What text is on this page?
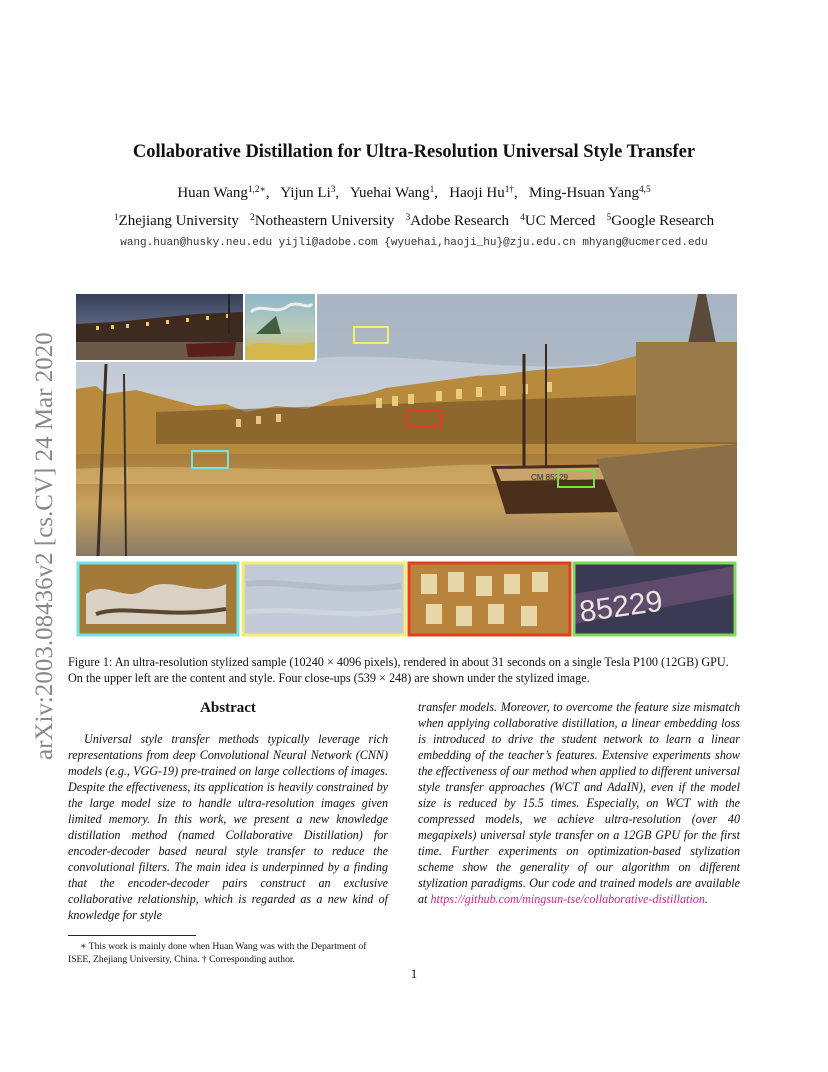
arXiv:2003.08436v2 [cs.CV] 24 Mar 2020
Collaborative Distillation for Ultra-Resolution Universal Style Transfer
Huan Wang$^{1,2∗}$,   Yijun Li$^3$,   Yuehai Wang$^1$,   Haoji $Hu^{1\dagger}$,   Ming-Hsuan Yang$^{4,5}$
$^1$Zhejiang University $^2$Notheastern University $^3$Adobe Research $^4$UC Merced $^5$Google Research
wang.huan@husky.neu.edu yijli@adobe.com {wyuehai,haoji_hu}@zju.edu.cn mhyang@ucmerced.edu
CM 85229
85229

Figure 1: An ultra-resolution stylized sample (10240 × 4096 pixels), rendered in about 31 seconds on a single Tesla P100 (12GB) GPU. On the upper left are the content and style. Four close-ups (539 × 248) are shown under the stylized image.

Abstract

Universal style transfer methods typically leverage rich representations from deep Convolutional Neural Network (CNN) models (e.g., VGG-19) pre-trained on large collections of images. Despite the effectiveness, its application is heavily constrained by the large model size to handle ultra-resolution images given limited memory. In this work, we present a new knowledge distillation method (named Collaborative Distillation) for encoder-decoder based neural style transfer to reduce the convolutional filters. The main idea is underpinned by a finding that the encoder-decoder pairs construct an exclusive collaborative relationship, which is regarded as a new kind of knowledge for style

transfer models. Moreover, to overcome the feature size mismatch when applying collaborative distillation, a linear embedding loss is introduced to drive the student network to learn a linear embedding of the teacher’s features. Extensive experiments show the effectiveness of our method when applied to different universal style transfer approaches (WCT and AdaIN), even if the model size is reduced by 15.5 times. Especially, on WCT with the compressed models, we achieve ultra-resolution (over 40 megapixels) universal style transfer on a 12GB GPU for the first time. Further experiments on optimization-based stylization scheme show the generality of our algorithm on different stylization paradigms. Our code and trained models are available at https://github.com/mingsun-tse/collaborative-distillation.

∗ This work is mainly done when Huan Wang was with the Department of ISEE, Zhejiang University, China. † Corresponding author.

1
